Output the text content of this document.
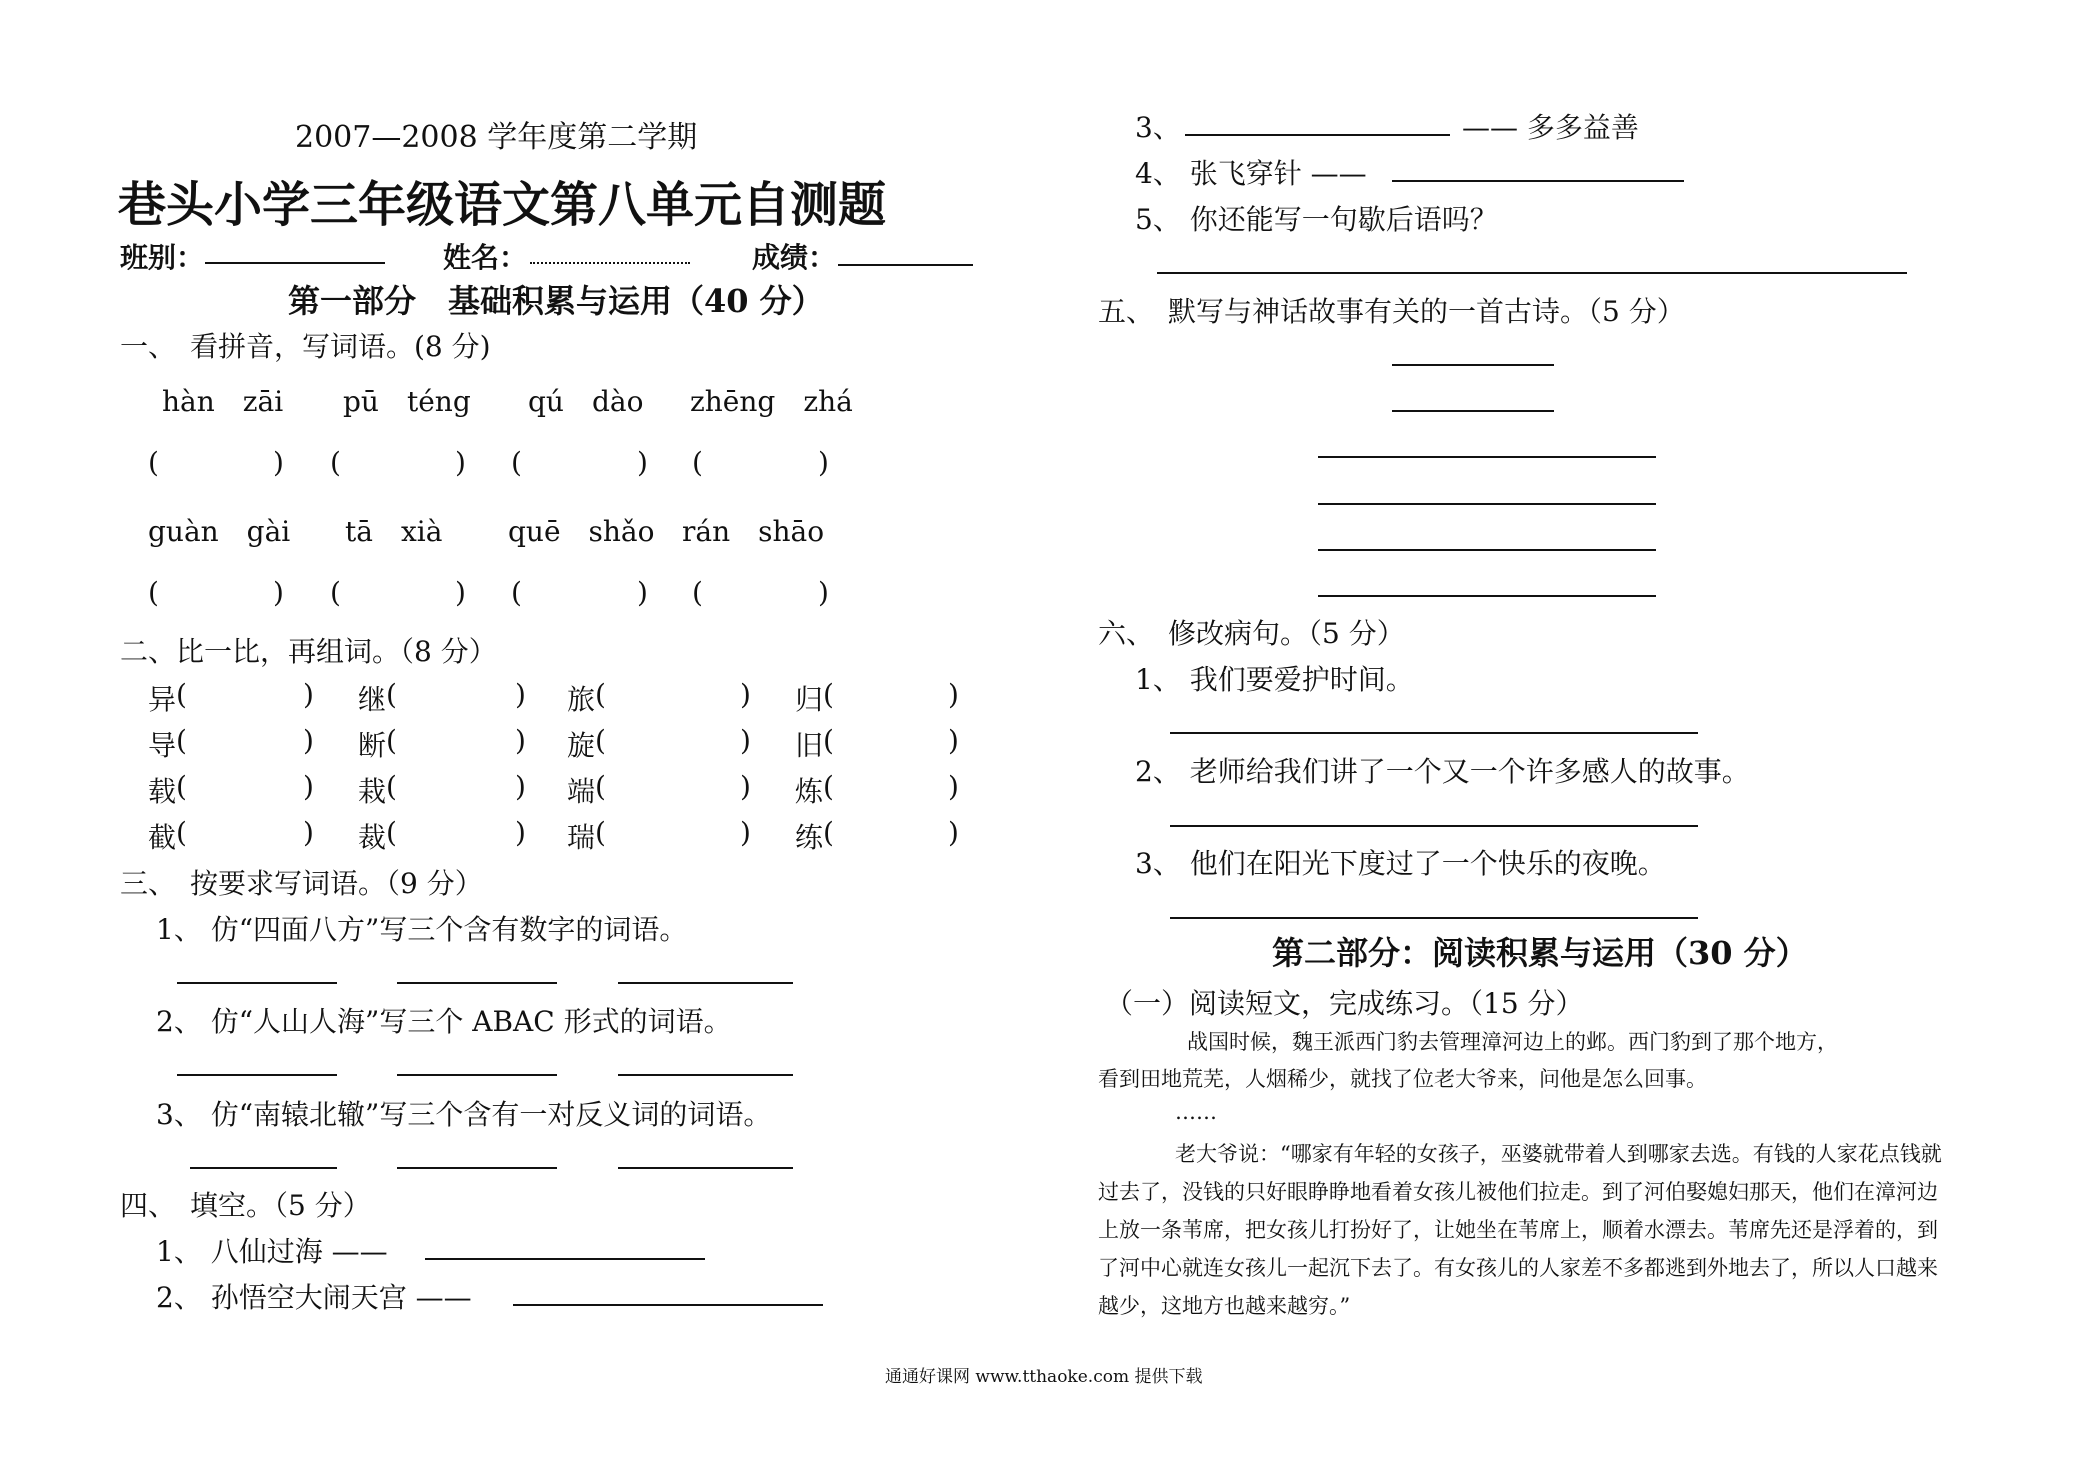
2007—2008 学年度第二学期
巷头小学三年级语文第八单元自测题
班别：	姓名：	成绩：
第一部分　基础积累与运用（40 分）
一、　看拼音，写词语。(8 分)
hàn　zāi pū　téng qú　dào zhēng　zhá
(	) (	) (	) (	)
guàn　gài tā　xià quē　shǎo rán　shāo
(	) (	) (	) (	)
二、比一比，再组词。（8 分）
异 (	) 继 (	) 旅 (	) 归 (	)
导 (	) 断 (	) 旋 (	) 旧 (	)
载 (	) 栽 (	) 端 (	) 炼 (	)
截 (	) 裁 (	) 瑞 (	) 练 (	)
三、　按要求写词语。（9 分）
1、 仿“四面八方”写三个含有数字的词语。
2、 仿“人山人海”写三个 ABAC 形式的词语。
3、 仿“南辕北辙”写三个含有一对反义词的词语。
四、　填空。（5 分）
1、 八仙过海 ——
2、 孙悟空大闹天宫 ——
3、	—— 多多益善
4、 张飞穿针 ——
5、 你还能写一句歇后语吗？
五、　默写与神话故事有关的一首古诗。（5 分）
六、　修改病句。（5 分）
1、 我们要爱护时间。
2、 老师给我们讲了一个又一个许多感人的故事。
3、 他们在阳光下度过了一个快乐的夜晚。
第二部分：阅读积累与运用（30 分）
（一）阅读短文，完成练习。（15 分）
战国时候，魏王派西门豹去管理漳河边上的邺。西门豹到了那个地方，
看到田地荒芜，人烟稀少，就找了位老大爷来，问他是怎么回事。
……
老大爷说：“哪家有年轻的女孩子，巫婆就带着人到哪家去选。有钱的人家花点钱就
过去了，没钱的只好眼睁睁地看着女孩儿被他们拉走。到了河伯娶媳妇那天，他们在漳河边
上放一条苇席，把女孩儿打扮好了，让她坐在苇席上，顺着水漂去。苇席先还是浮着的，到
了河中心就连女孩儿一起沉下去了。有女孩儿的人家差不多都逃到外地去了，所以人口越来
越少，这地方也越来越穷。”
通通好课网 www.tthaoke.com 提供下载
